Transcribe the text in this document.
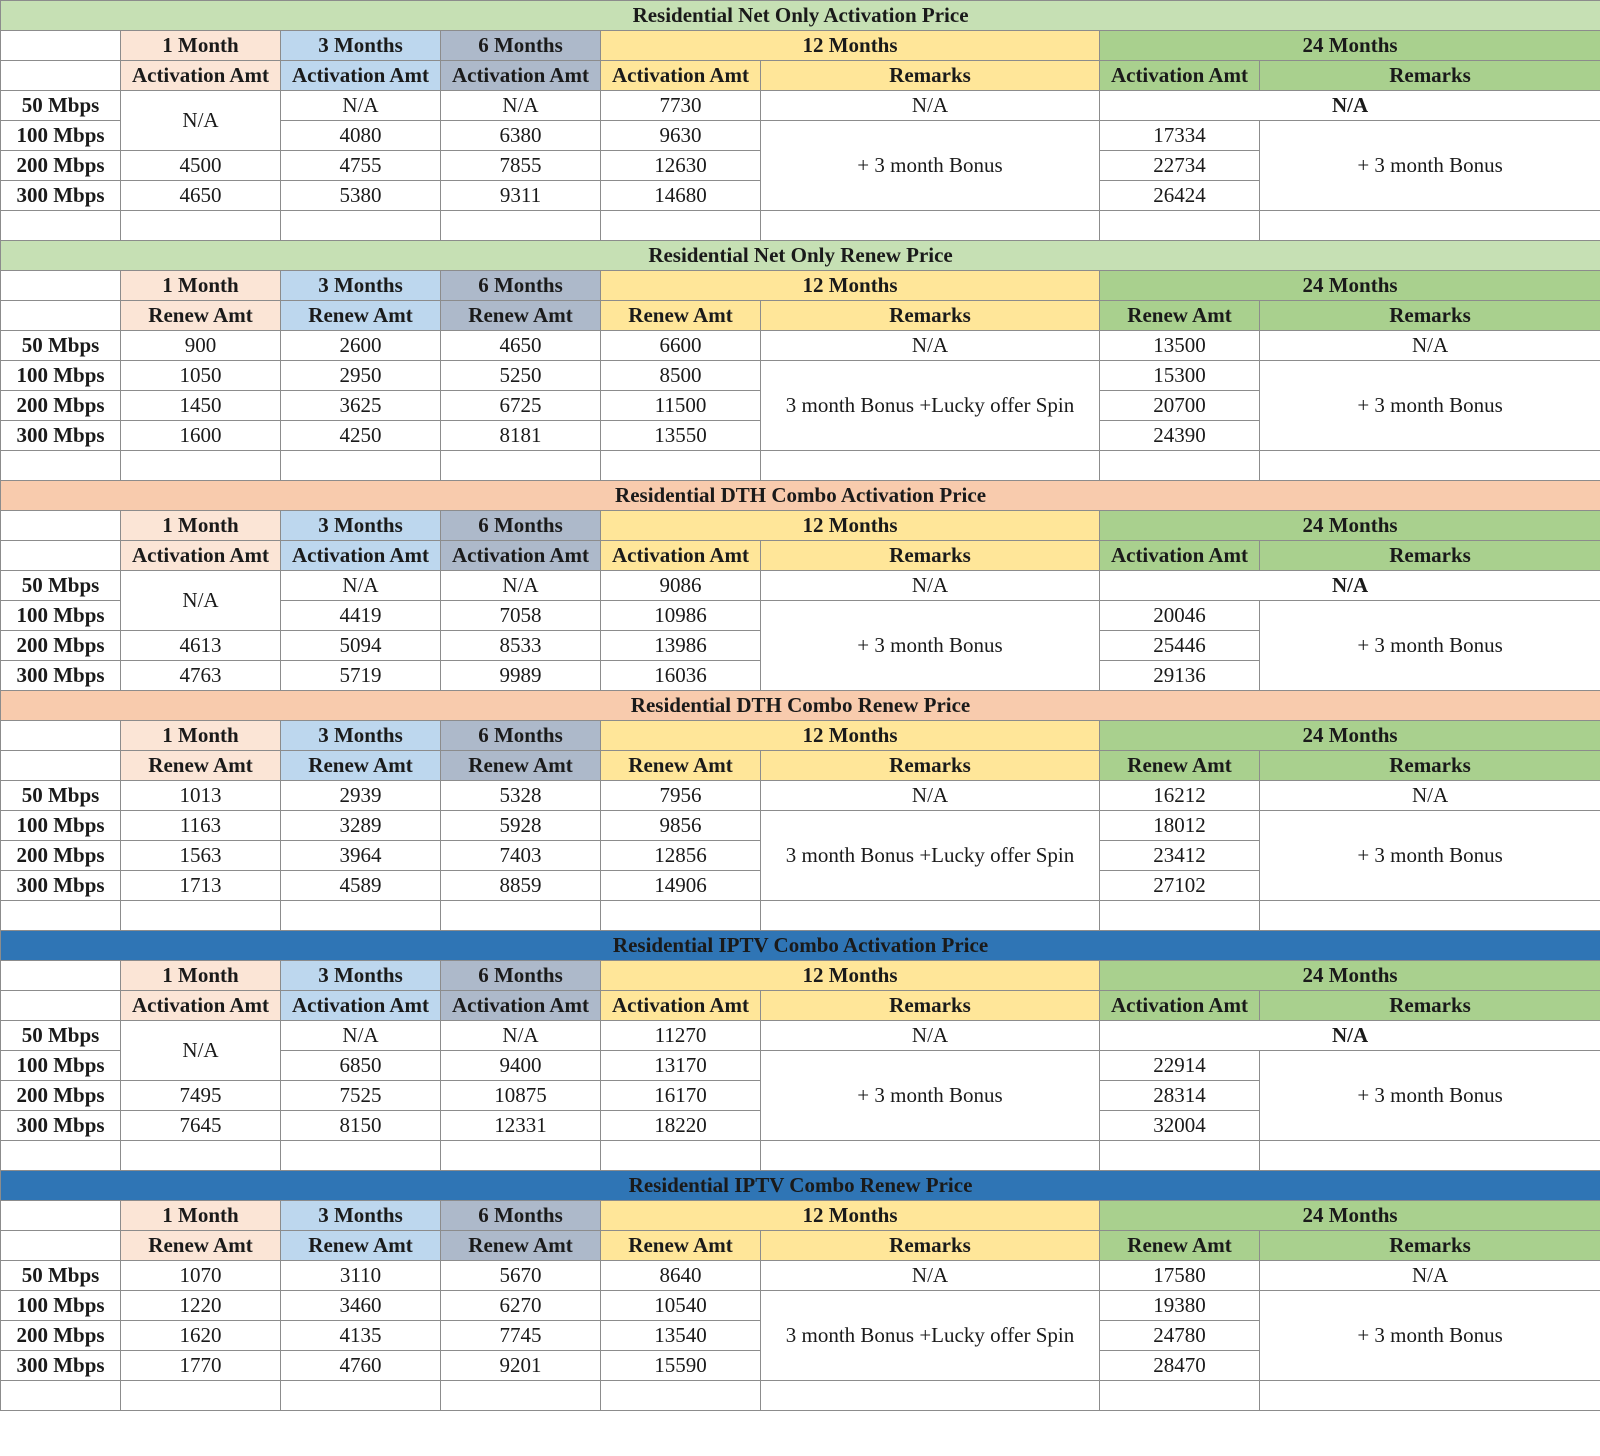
Residential Net Only Activation Price							
	1 Month	3 Months	6 Months	12 Months		24 Months	
	Activation Amt	Activation Amt	Activation Amt	Activation Amt	Remarks	Activation Amt	Remarks
50 Mbps	N/A	N/A	N/A	7730	N/A	N/A	
100 Mbps		4080	6380	9630	+ 3 month Bonus	17334	+ 3 month Bonus
200 Mbps	4500	4755	7855	12630		22734	
300 Mbps	4650	5380	9311	14680		26424	

Residential Net Only Renew Price							
	1 Month	3 Months	6 Months	12 Months		24 Months	
	Renew Amt	Renew Amt	Renew Amt	Renew Amt	Remarks	Renew Amt	Remarks
50 Mbps	900	2600	4650	6600	N/A	13500	N/A
100 Mbps	1050	2950	5250	8500	3 month Bonus +Lucky offer Spin	15300	+ 3 month Bonus
200 Mbps	1450	3625	6725	11500		20700	
300 Mbps	1600	4250	8181	13550		24390	

Residential DTH Combo Activation Price							
	1 Month	3 Months	6 Months	12 Months		24 Months	
	Activation Amt	Activation Amt	Activation Amt	Activation Amt	Remarks	Activation Amt	Remarks
50 Mbps	N/A	N/A	N/A	9086	N/A	N/A	
100 Mbps		4419	7058	10986	+ 3 month Bonus	20046	+ 3 month Bonus
200 Mbps	4613	5094	8533	13986		25446	
300 Mbps	4763	5719	9989	16036		29136	
Residential DTH Combo Renew Price							
	1 Month	3 Months	6 Months	12 Months		24 Months	
	Renew Amt	Renew Amt	Renew Amt	Renew Amt	Remarks	Renew Amt	Remarks
50 Mbps	1013	2939	5328	7956	N/A	16212	N/A
100 Mbps	1163	3289	5928	9856	3 month Bonus +Lucky offer Spin	18012	+ 3 month Bonus
200 Mbps	1563	3964	7403	12856		23412	
300 Mbps	1713	4589	8859	14906		27102	

Residential IPTV Combo Activation Price							
	1 Month	3 Months	6 Months	12 Months		24 Months	
	Activation Amt	Activation Amt	Activation Amt	Activation Amt	Remarks	Activation Amt	Remarks
50 Mbps	N/A	N/A	N/A	11270	N/A	N/A	
100 Mbps		6850	9400	13170	+ 3 month Bonus	22914	+ 3 month Bonus
200 Mbps	7495	7525	10875	16170		28314	
300 Mbps	7645	8150	12331	18220		32004	

Residential IPTV Combo Renew Price							
	1 Month	3 Months	6 Months	12 Months		24 Months	
	Renew Amt	Renew Amt	Renew Amt	Renew Amt	Remarks	Renew Amt	Remarks
50 Mbps	1070	3110	5670	8640	N/A	17580	N/A
100 Mbps	1220	3460	6270	10540	3 month Bonus +Lucky offer Spin	19380	+ 3 month Bonus
200 Mbps	1620	4135	7745	13540		24780	
300 Mbps	1770	4760	9201	15590		28470	
